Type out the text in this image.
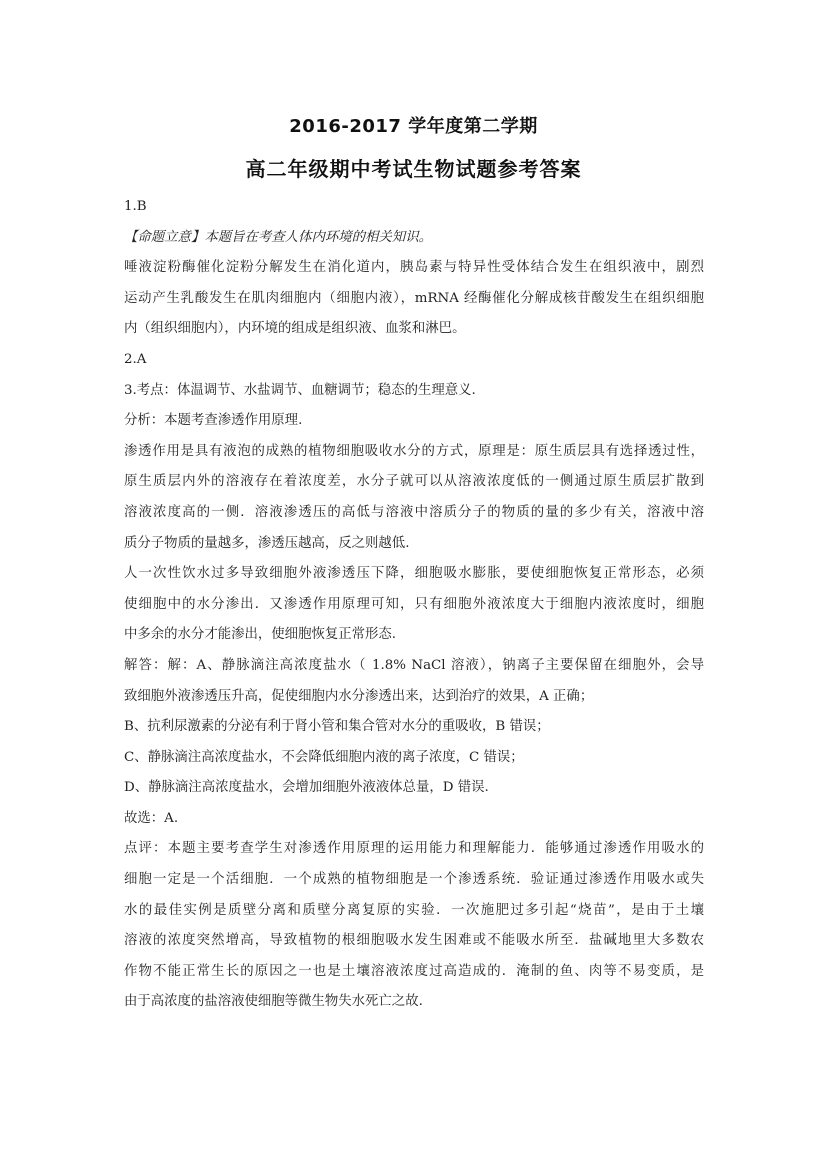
2016-2017 学年度第二学期
高二年级期中考试生物试题参考答案
1.B
【命题立意】本题旨在考查人体内环境的相关知识。
唾液淀粉酶催化淀粉分解发生在消化道内，胰岛素与特异性受体结合发生在组织液中，剧烈
运动产生乳酸发生在肌肉细胞内（细胞内液），mRNA 经酶催化分解成核苷酸发生在组织细胞
内（组织细胞内），内环境的组成是组织液、血浆和淋巴。
2.A
3.考点：体温调节、水盐调节、血糖调节；稳态的生理意义.
分析：本题考查渗透作用原理.
渗透作用是具有液泡的成熟的植物细胞吸收水分的方式，原理是：原生质层具有选择透过性，
原生质层内外的溶液存在着浓度差，水分子就可以从溶液浓度低的一侧通过原生质层扩散到
溶液浓度高的一侧．溶液渗透压的高低与溶液中溶质分子的物质的量的多少有关，溶液中溶
质分子物质的量越多，渗透压越高，反之则越低.
人一次性饮水过多导致细胞外液渗透压下降，细胞吸水膨胀，要使细胞恢复正常形态，必须
使细胞中的水分渗出．又渗透作用原理可知，只有细胞外液浓度大于细胞内液浓度时，细胞
中多余的水分才能渗出，使细胞恢复正常形态.
解答：解：A、静脉滴注高浓度盐水（ 1.8% NaCl 溶液），钠离子主要保留在细胞外，会导
致细胞外液渗透压升高，促使细胞内水分渗透出来，达到治疗的效果，A 正确；
B、抗利尿激素的分泌有利于肾小管和集合管对水分的重吸收，B 错误；
C、静脉滴注高浓度盐水，不会降低细胞内液的离子浓度，C 错误；
D、静脉滴注高浓度盐水，会增加细胞外液液体总量，D 错误.
故选：A.
点评：本题主要考查学生对渗透作用原理的运用能力和理解能力．能够通过渗透作用吸水的
细胞一定是一个活细胞．一个成熟的植物细胞是一个渗透系统．验证通过渗透作用吸水或失
水的最佳实例是质壁分离和质壁分离复原的实验．一次施肥过多引起“烧苗”，是由于土壤
溶液的浓度突然增高，导致植物的根细胞吸水发生困难或不能吸水所至．盐碱地里大多数农
作物不能正常生长的原因之一也是土壤溶液浓度过高造成的．淹制的鱼、肉等不易变质，是
由于高浓度的盐溶液使细胞等微生物失水死亡之故.
